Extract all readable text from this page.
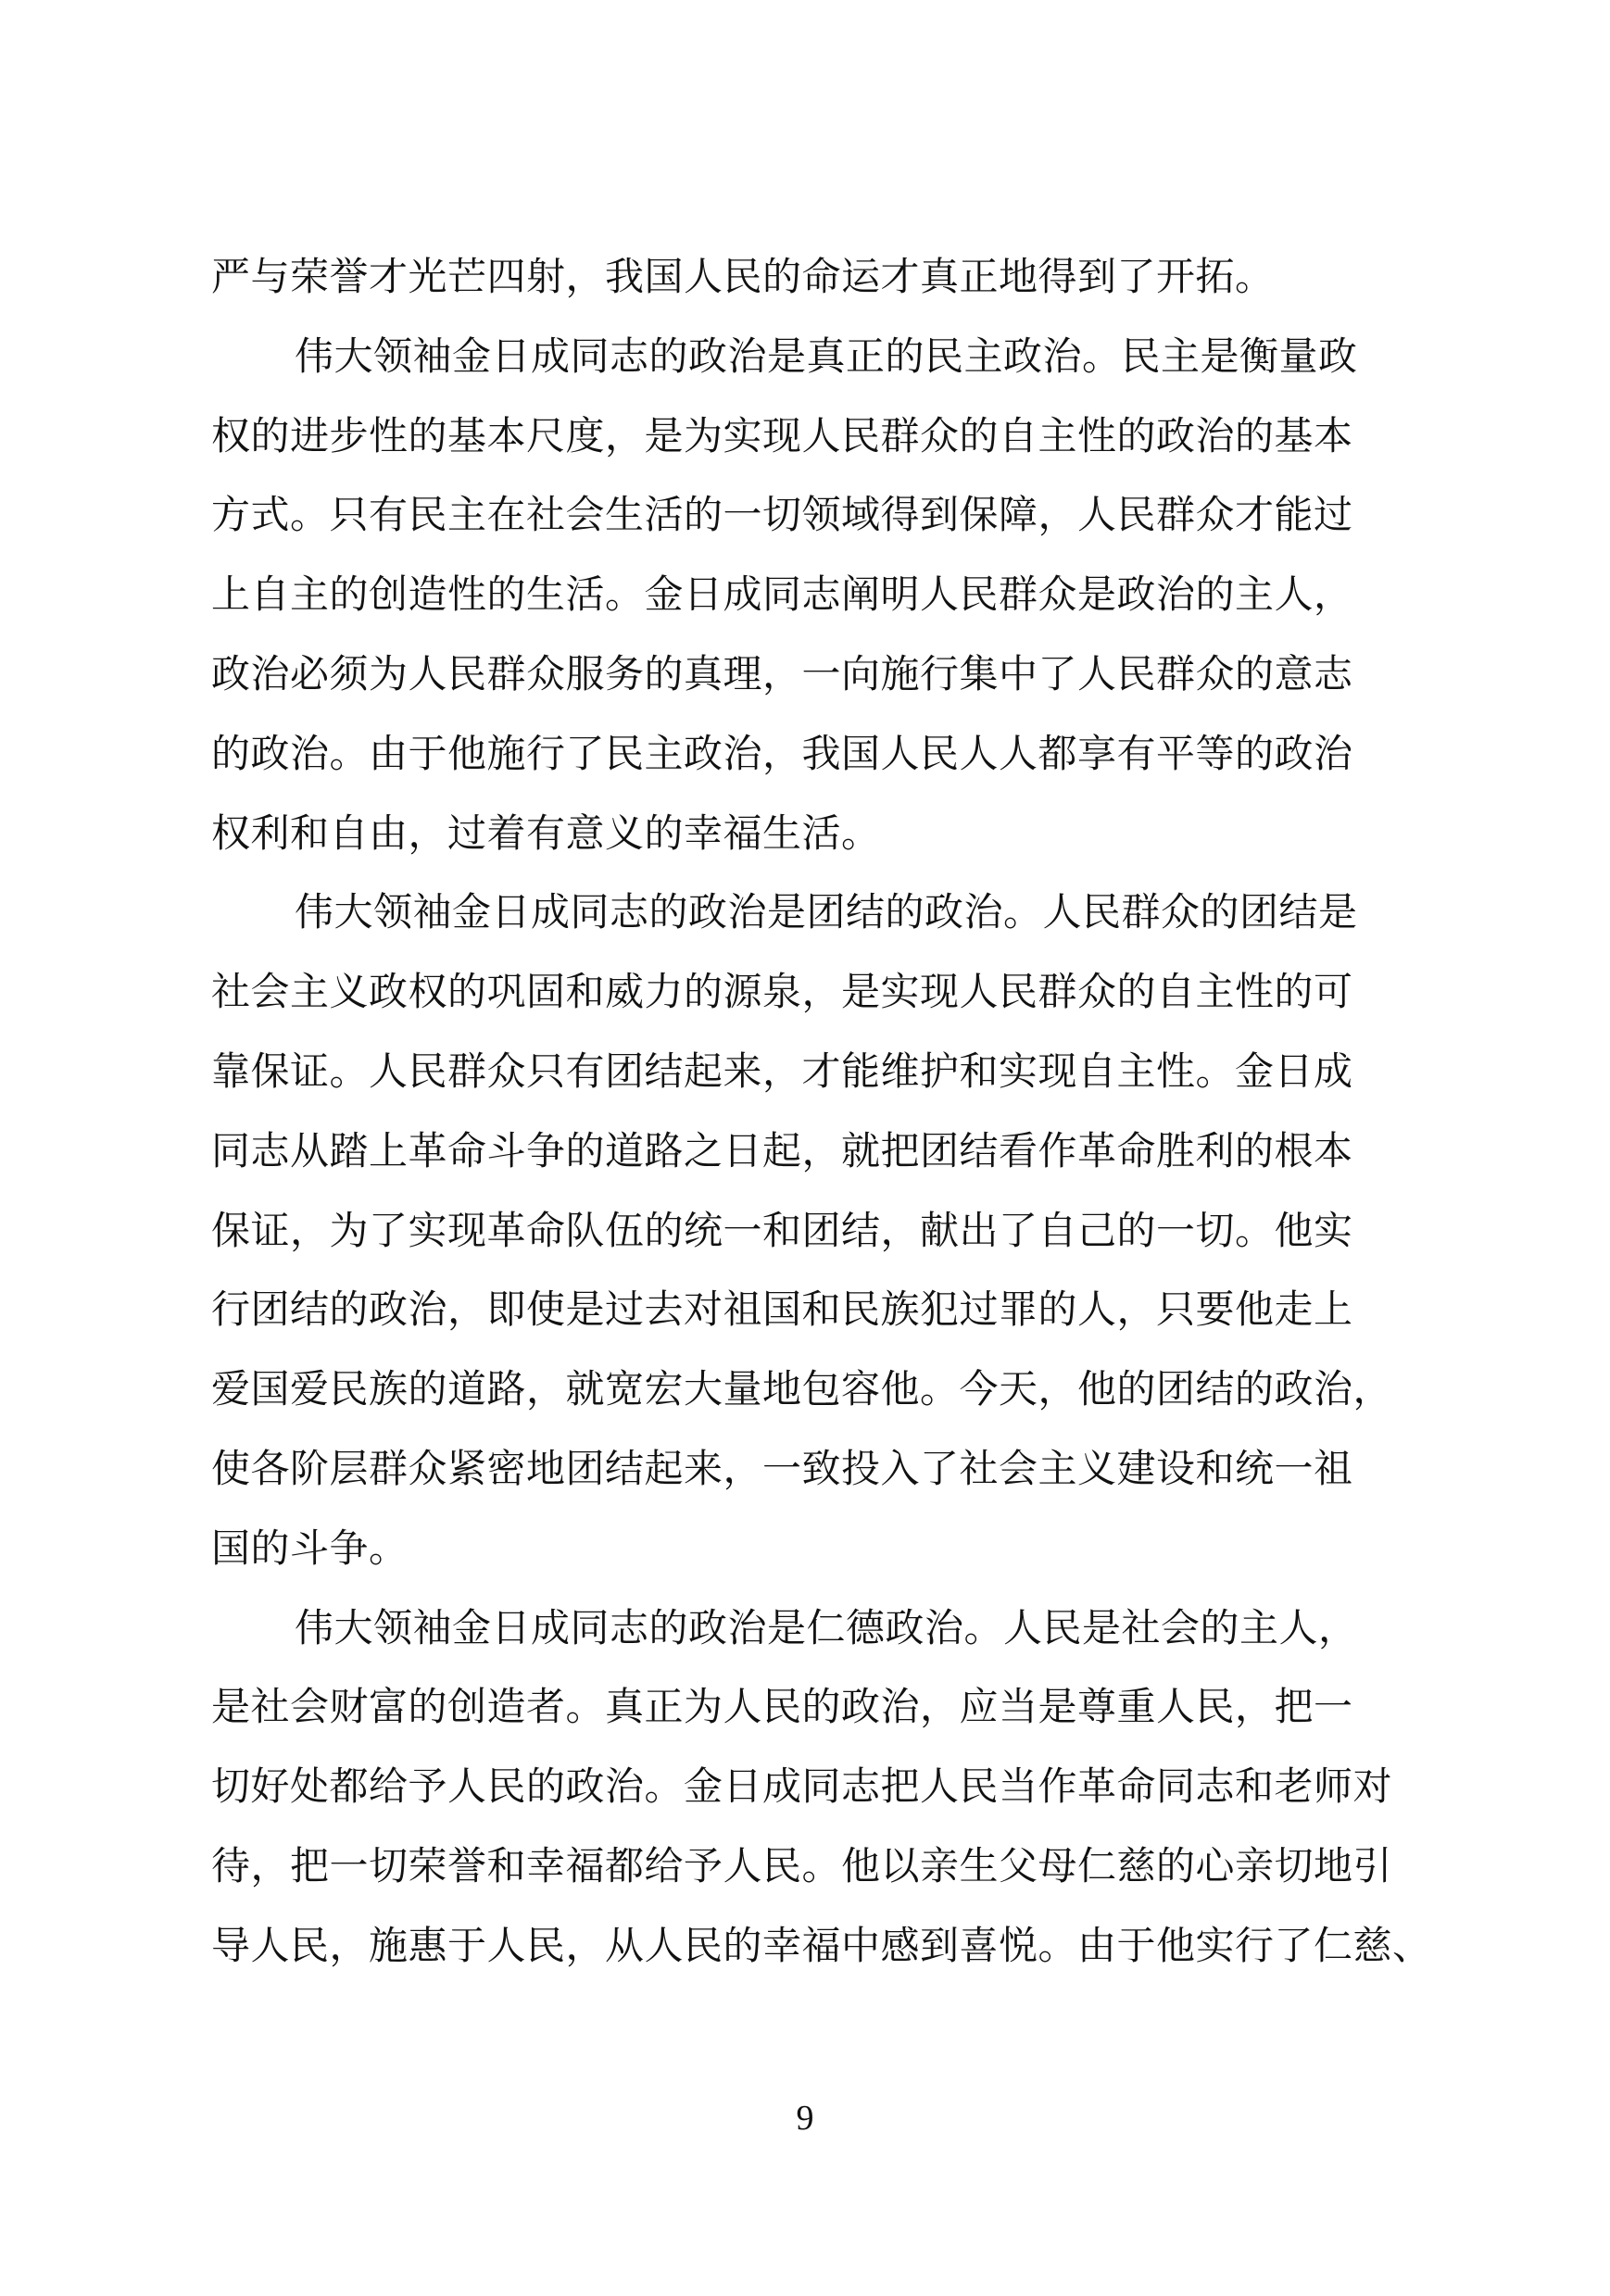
严与荣誉才光芒四射，我国人民的命运才真正地得到了开拓。
伟大领袖金日成同志的政治是真正的民主政治。民主是衡量政
权的进步性的基本尺度，是为实现人民群众的自主性的政治的基本
方式。只有民主在社会生活的一切领域得到保障，人民群众才能过
上自主的创造性的生活。金日成同志阐明人民群众是政治的主人，
政治必须为人民群众服务的真理，一向施行集中了人民群众的意志
的政治。由于他施行了民主政治，我国人民人人都享有平等的政治
权利和自由，过着有意义的幸福生活。
伟大领袖金日成同志的政治是团结的政治。人民群众的团结是
社会主义政权的巩固和威力的源泉，是实现人民群众的自主性的可
靠保证。人民群众只有团结起来，才能维护和实现自主性。金日成
同志从踏上革命斗争的道路之日起，就把团结看作革命胜利的根本
保证，为了实现革命队伍的统一和团结，献出了自己的一切。他实
行团结的政治，即使是过去对祖国和民族犯过罪的人，只要他走上
爱国爱民族的道路，就宽宏大量地包容他。今天，他的团结的政治，
使各阶层群众紧密地团结起来，一致投入了社会主义建设和统一祖
国的斗争。
伟大领袖金日成同志的政治是仁德政治。人民是社会的主人，
是社会财富的创造者。真正为人民的政治，应当是尊重人民，把一
切好处都给予人民的政治。金日成同志把人民当作革命同志和老师对
待，把一切荣誉和幸福都给予人民。他以亲生父母仁慈的心亲切地引
导人民，施惠于人民，从人民的幸福中感到喜悦。由于他实行了仁慈、
9
